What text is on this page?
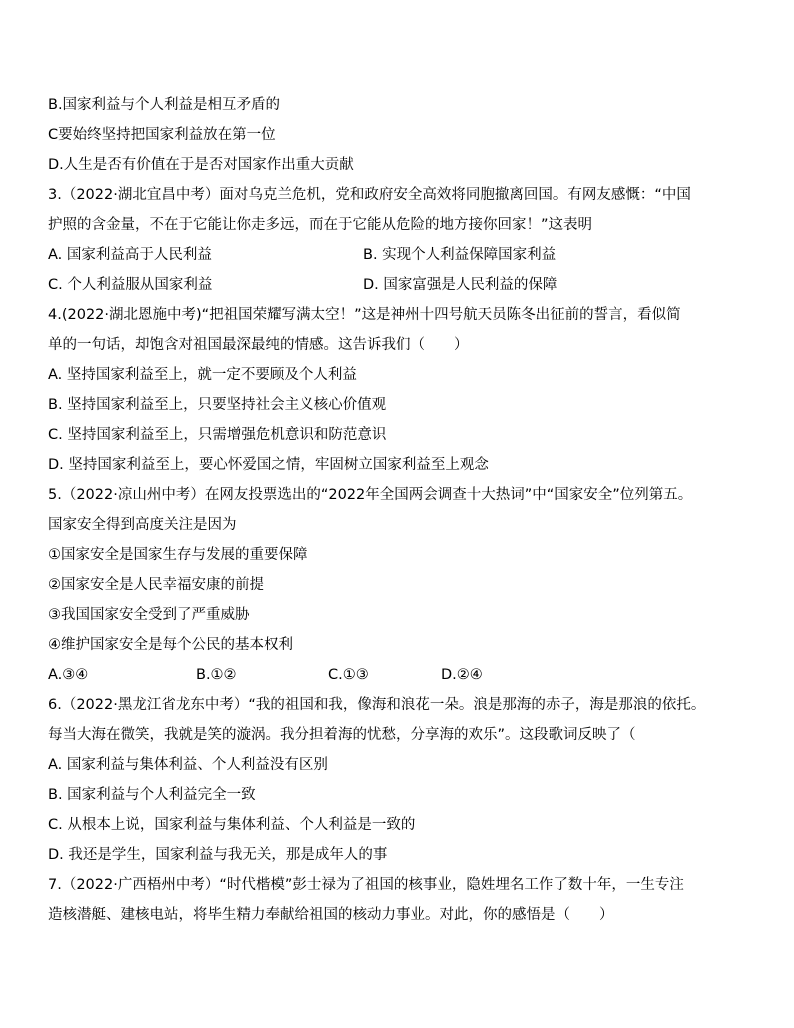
B.国家利益与个人利益是相互矛盾的
C要始终坚持把国家利益放在第一位
D.人生是否有价值在于是否对国家作出重大贡献
3.（2022·湖北宜昌中考）面对乌克兰危机，党和政府安全高效将同胞撤离回国。有网友感慨：“中国
护照的含金量，不在于它能让你走多远，而在于它能从危险的地方接你回家！”这表明
A. 国家利益高于人民利益	B. 实现个人利益保障国家利益
C. 个人利益服从国家利益	D. 国家富强是人民利益的保障
4.(2022·湖北恩施中考)“把祖国荣耀写满太空！”这是神州十四号航天员陈冬出征前的誓言，看似简
单的一句话，却饱含对祖国最深最纯的情感。这告诉我们（　　）
A. 坚持国家利益至上，就一定不要顾及个人利益
B. 坚持国家利益至上，只要坚持社会主义核心价值观
C. 坚持国家利益至上，只需增强危机意识和防范意识
D. 坚持国家利益至上，要心怀爱国之情，牢固树立国家利益至上观念
5.（2022·凉山州中考）在网友投票选出的“2022年全国两会调查十大热词”中“国家安全”位列第五。
国家安全得到高度关注是因为
①国家安全是国家生存与发展的重要保障
②国家安全是人民幸福安康的前提
③我国国家安全受到了严重威胁
④维护国家安全是每个公民的基本权利
A.③④	B.①②	C.①③	D.②④
6.（2022·黑龙江省龙东中考）“我的祖国和我，像海和浪花一朵。浪是那海的赤子，海是那浪的依托。
每当大海在微笑，我就是笑的漩涡。我分担着海的忧愁，分享海的欢乐”。这段歌词反映了（
A. 国家利益与集体利益、个人利益没有区别
B. 国家利益与个人利益完全一致
C. 从根本上说，国家利益与集体利益、个人利益是一致的
D. 我还是学生，国家利益与我无关，那是成年人的事
7.（2022·广西梧州中考）“时代楷模”彭士禄为了祖国的核事业，隐姓埋名工作了数十年，一生专注
造核潜艇、建核电站，将毕生精力奉献给祖国的核动力事业。对此，你的感悟是（　　）
